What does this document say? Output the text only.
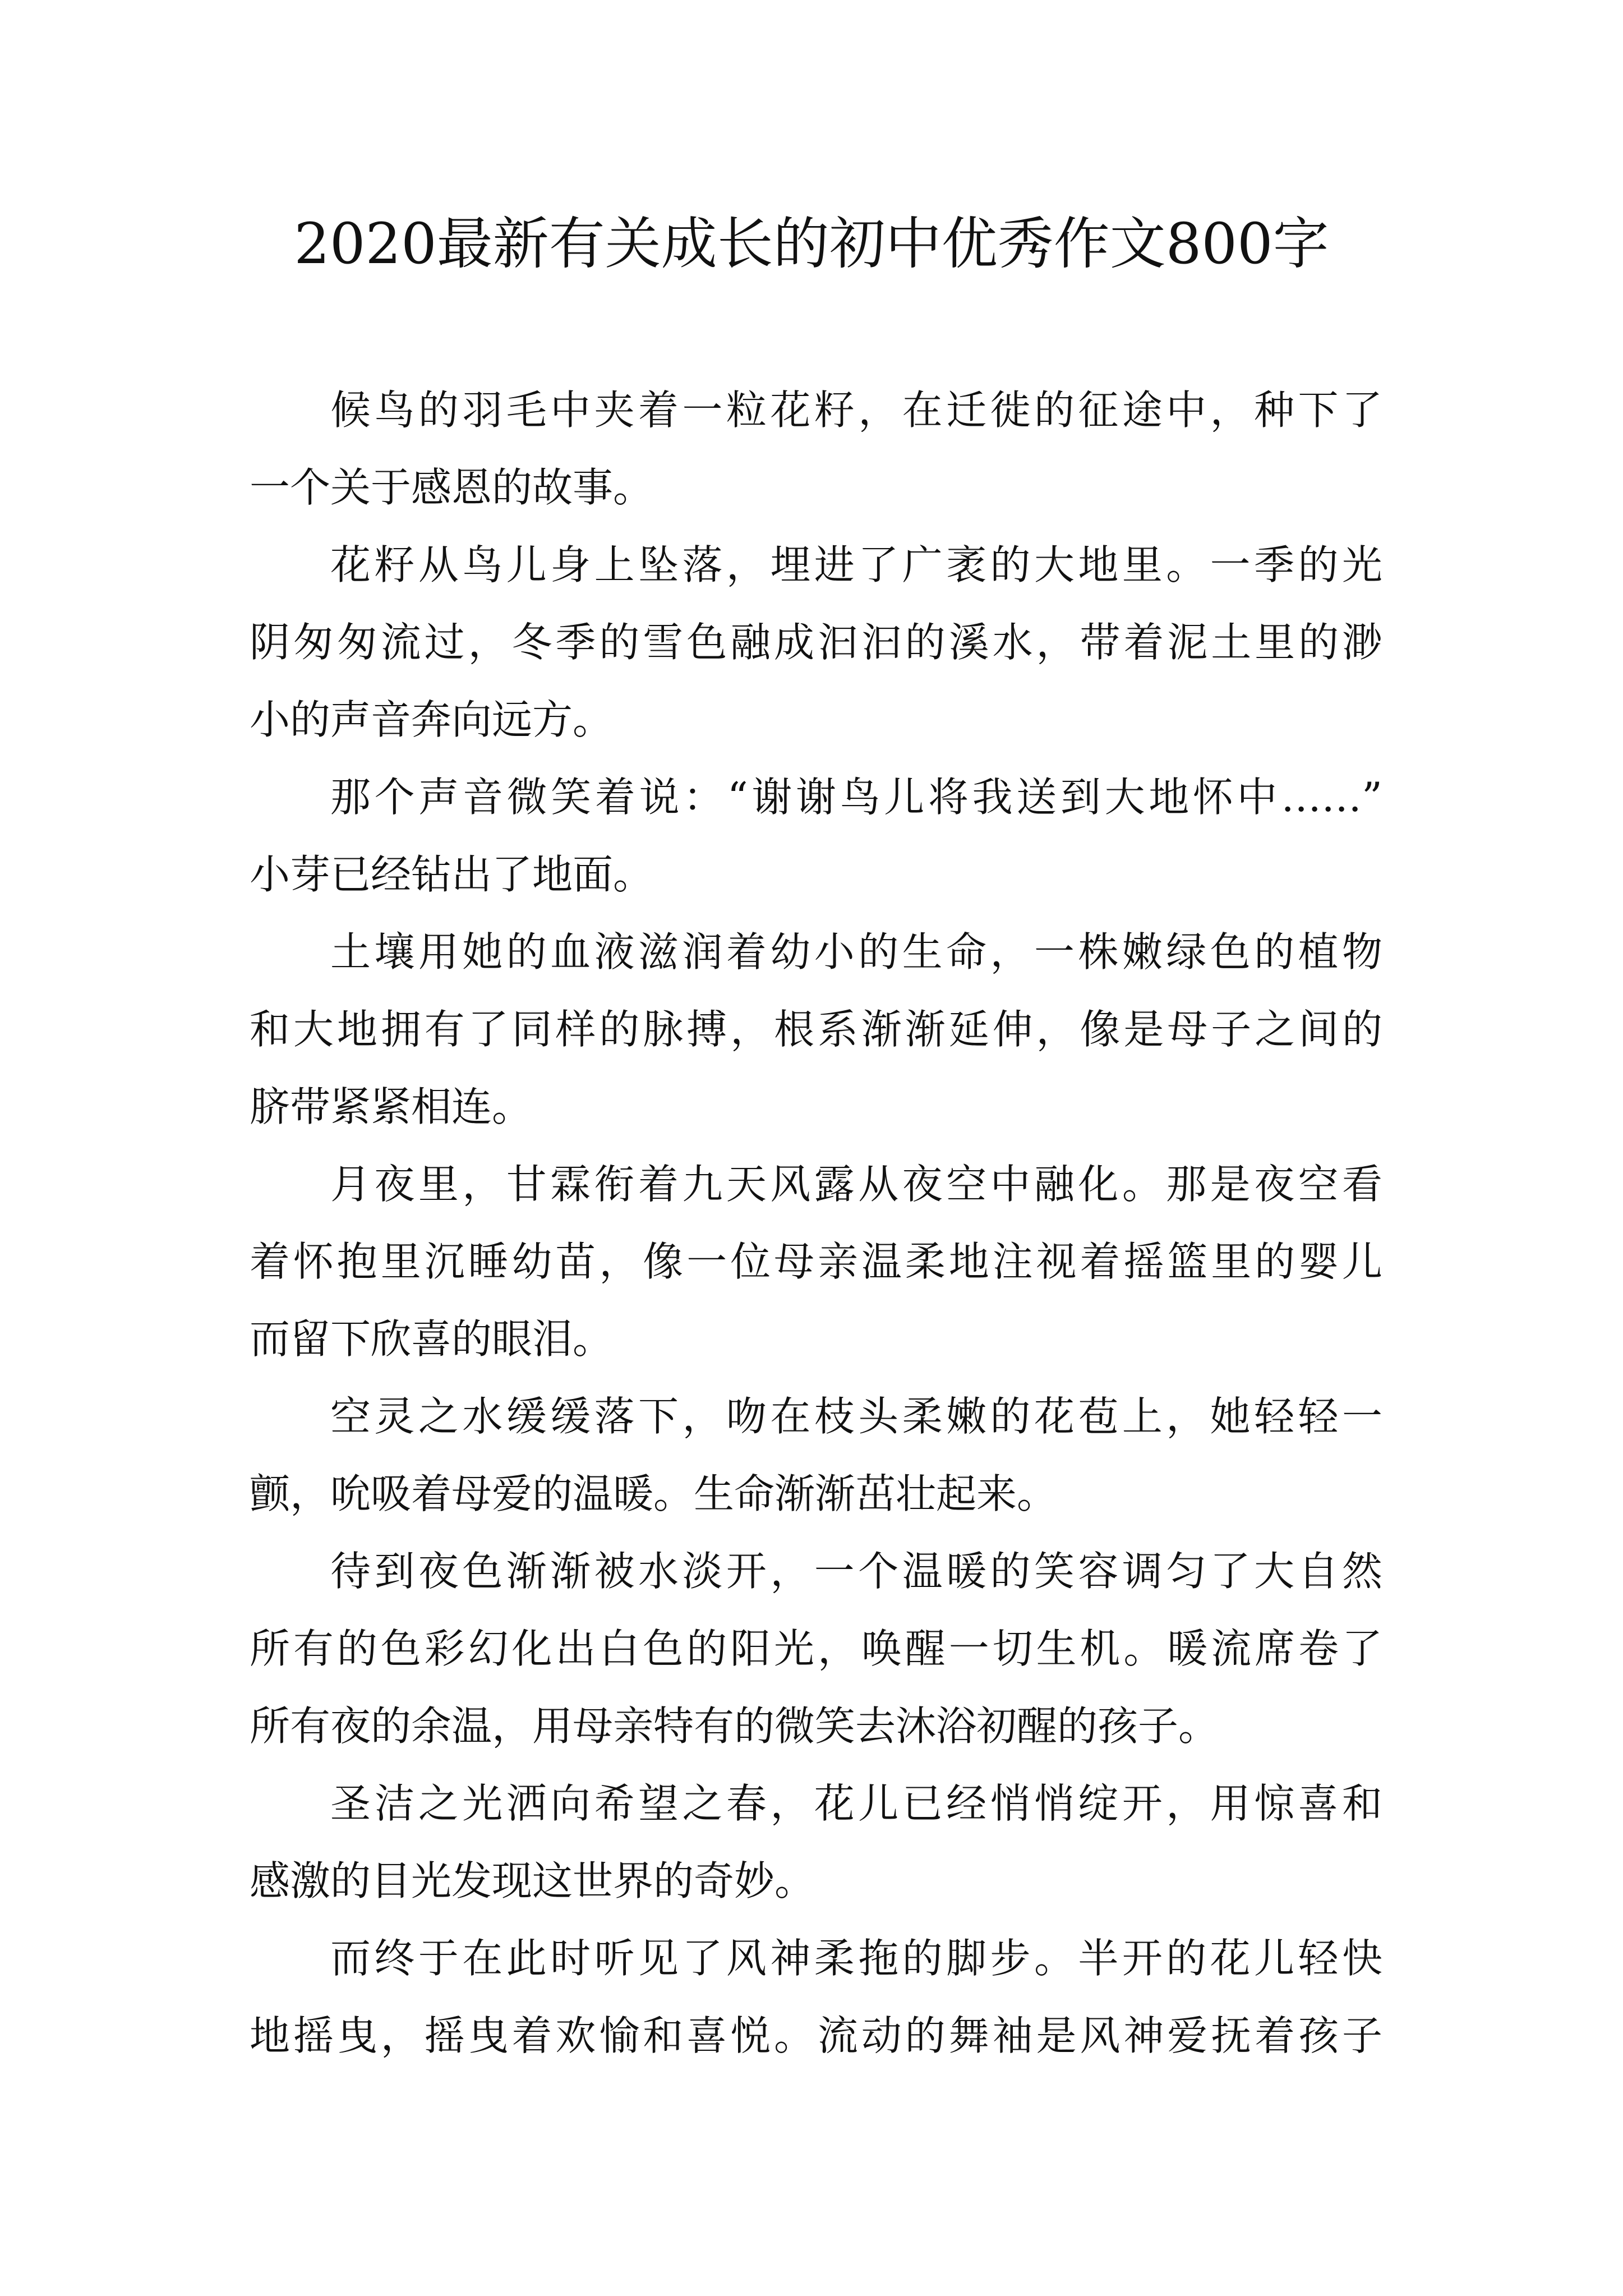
2020最新有关成长的初中优秀作文800字
候鸟的羽毛中夹着一粒花籽，在迁徙的征途中，种下了
一个关于感恩的故事。
花籽从鸟儿身上坠落，埋进了广袤的大地里。一季的光
阴匆匆流过，冬季的雪色融成汩汩的溪水，带着泥土里的渺
小的声音奔向远方。
那个声音微笑着说：“谢谢鸟儿将我送到大地怀中……”
小芽已经钻出了地面。
土壤用她的血液滋润着幼小的生命，一株嫩绿色的植物
和大地拥有了同样的脉搏，根系渐渐延伸，像是母子之间的
脐带紧紧相连。
月夜里，甘霖衔着九天风露从夜空中融化。那是夜空看
着怀抱里沉睡幼苗，像一位母亲温柔地注视着摇篮里的婴儿
而留下欣喜的眼泪。
空灵之水缓缓落下，吻在枝头柔嫩的花苞上，她轻轻一
颤，吮吸着母爱的温暖。生命渐渐茁壮起来。
待到夜色渐渐被水淡开，一个温暖的笑容调匀了大自然
所有的色彩幻化出白色的阳光，唤醒一切生机。暖流席卷了
所有夜的余温，用母亲特有的微笑去沐浴初醒的孩子。
圣洁之光洒向希望之春，花儿已经悄悄绽开，用惊喜和
感激的目光发现这世界的奇妙。
而终于在此时听见了风神柔拖的脚步。半开的花儿轻快
地摇曳，摇曳着欢愉和喜悦。流动的舞袖是风神爱抚着孩子
